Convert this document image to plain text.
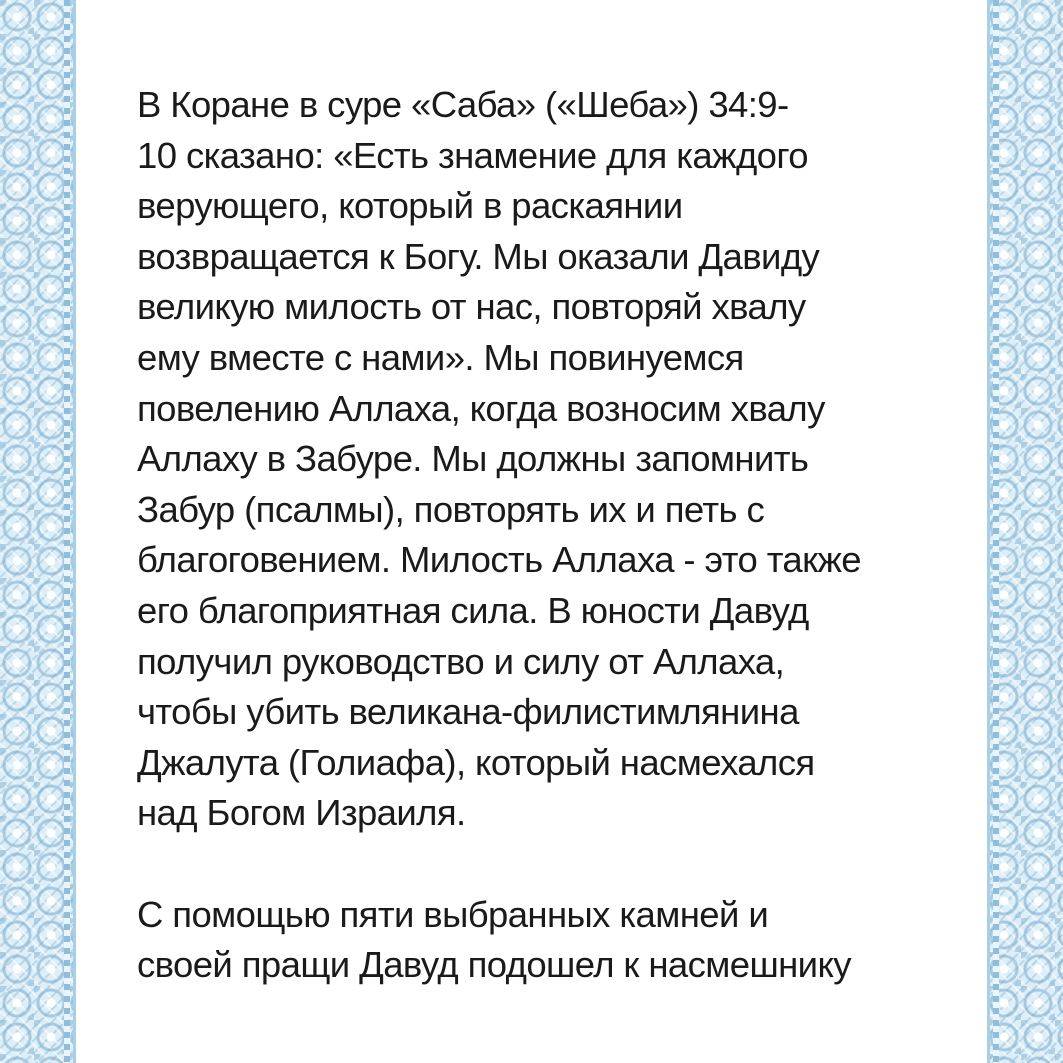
В Коране в суре «Саба» («Шеба») 34:9-
10 сказано: «Есть знамение для каждого
верующего, который в раскаянии
возвращается к Богу. Мы оказали Давиду
великую милость от нас, повторяй хвалу
ему вместе с нами». Мы повинуемся
повелению Аллаха, когда возносим хвалу
Аллаху в Забуре. Мы должны запомнить
Забур (псалмы), повторять их и петь с
благоговением. Милость Аллаха - это также
его благоприятная сила. В юности Давуд
получил руководство и силу от Аллаха,
чтобы убить великана-филистимлянина
Джалута (Голиафа), который насмехался
над Богом Израиля.
С помощью пяти выбранных камней и
своей пращи Давуд подошел к насмешнику
